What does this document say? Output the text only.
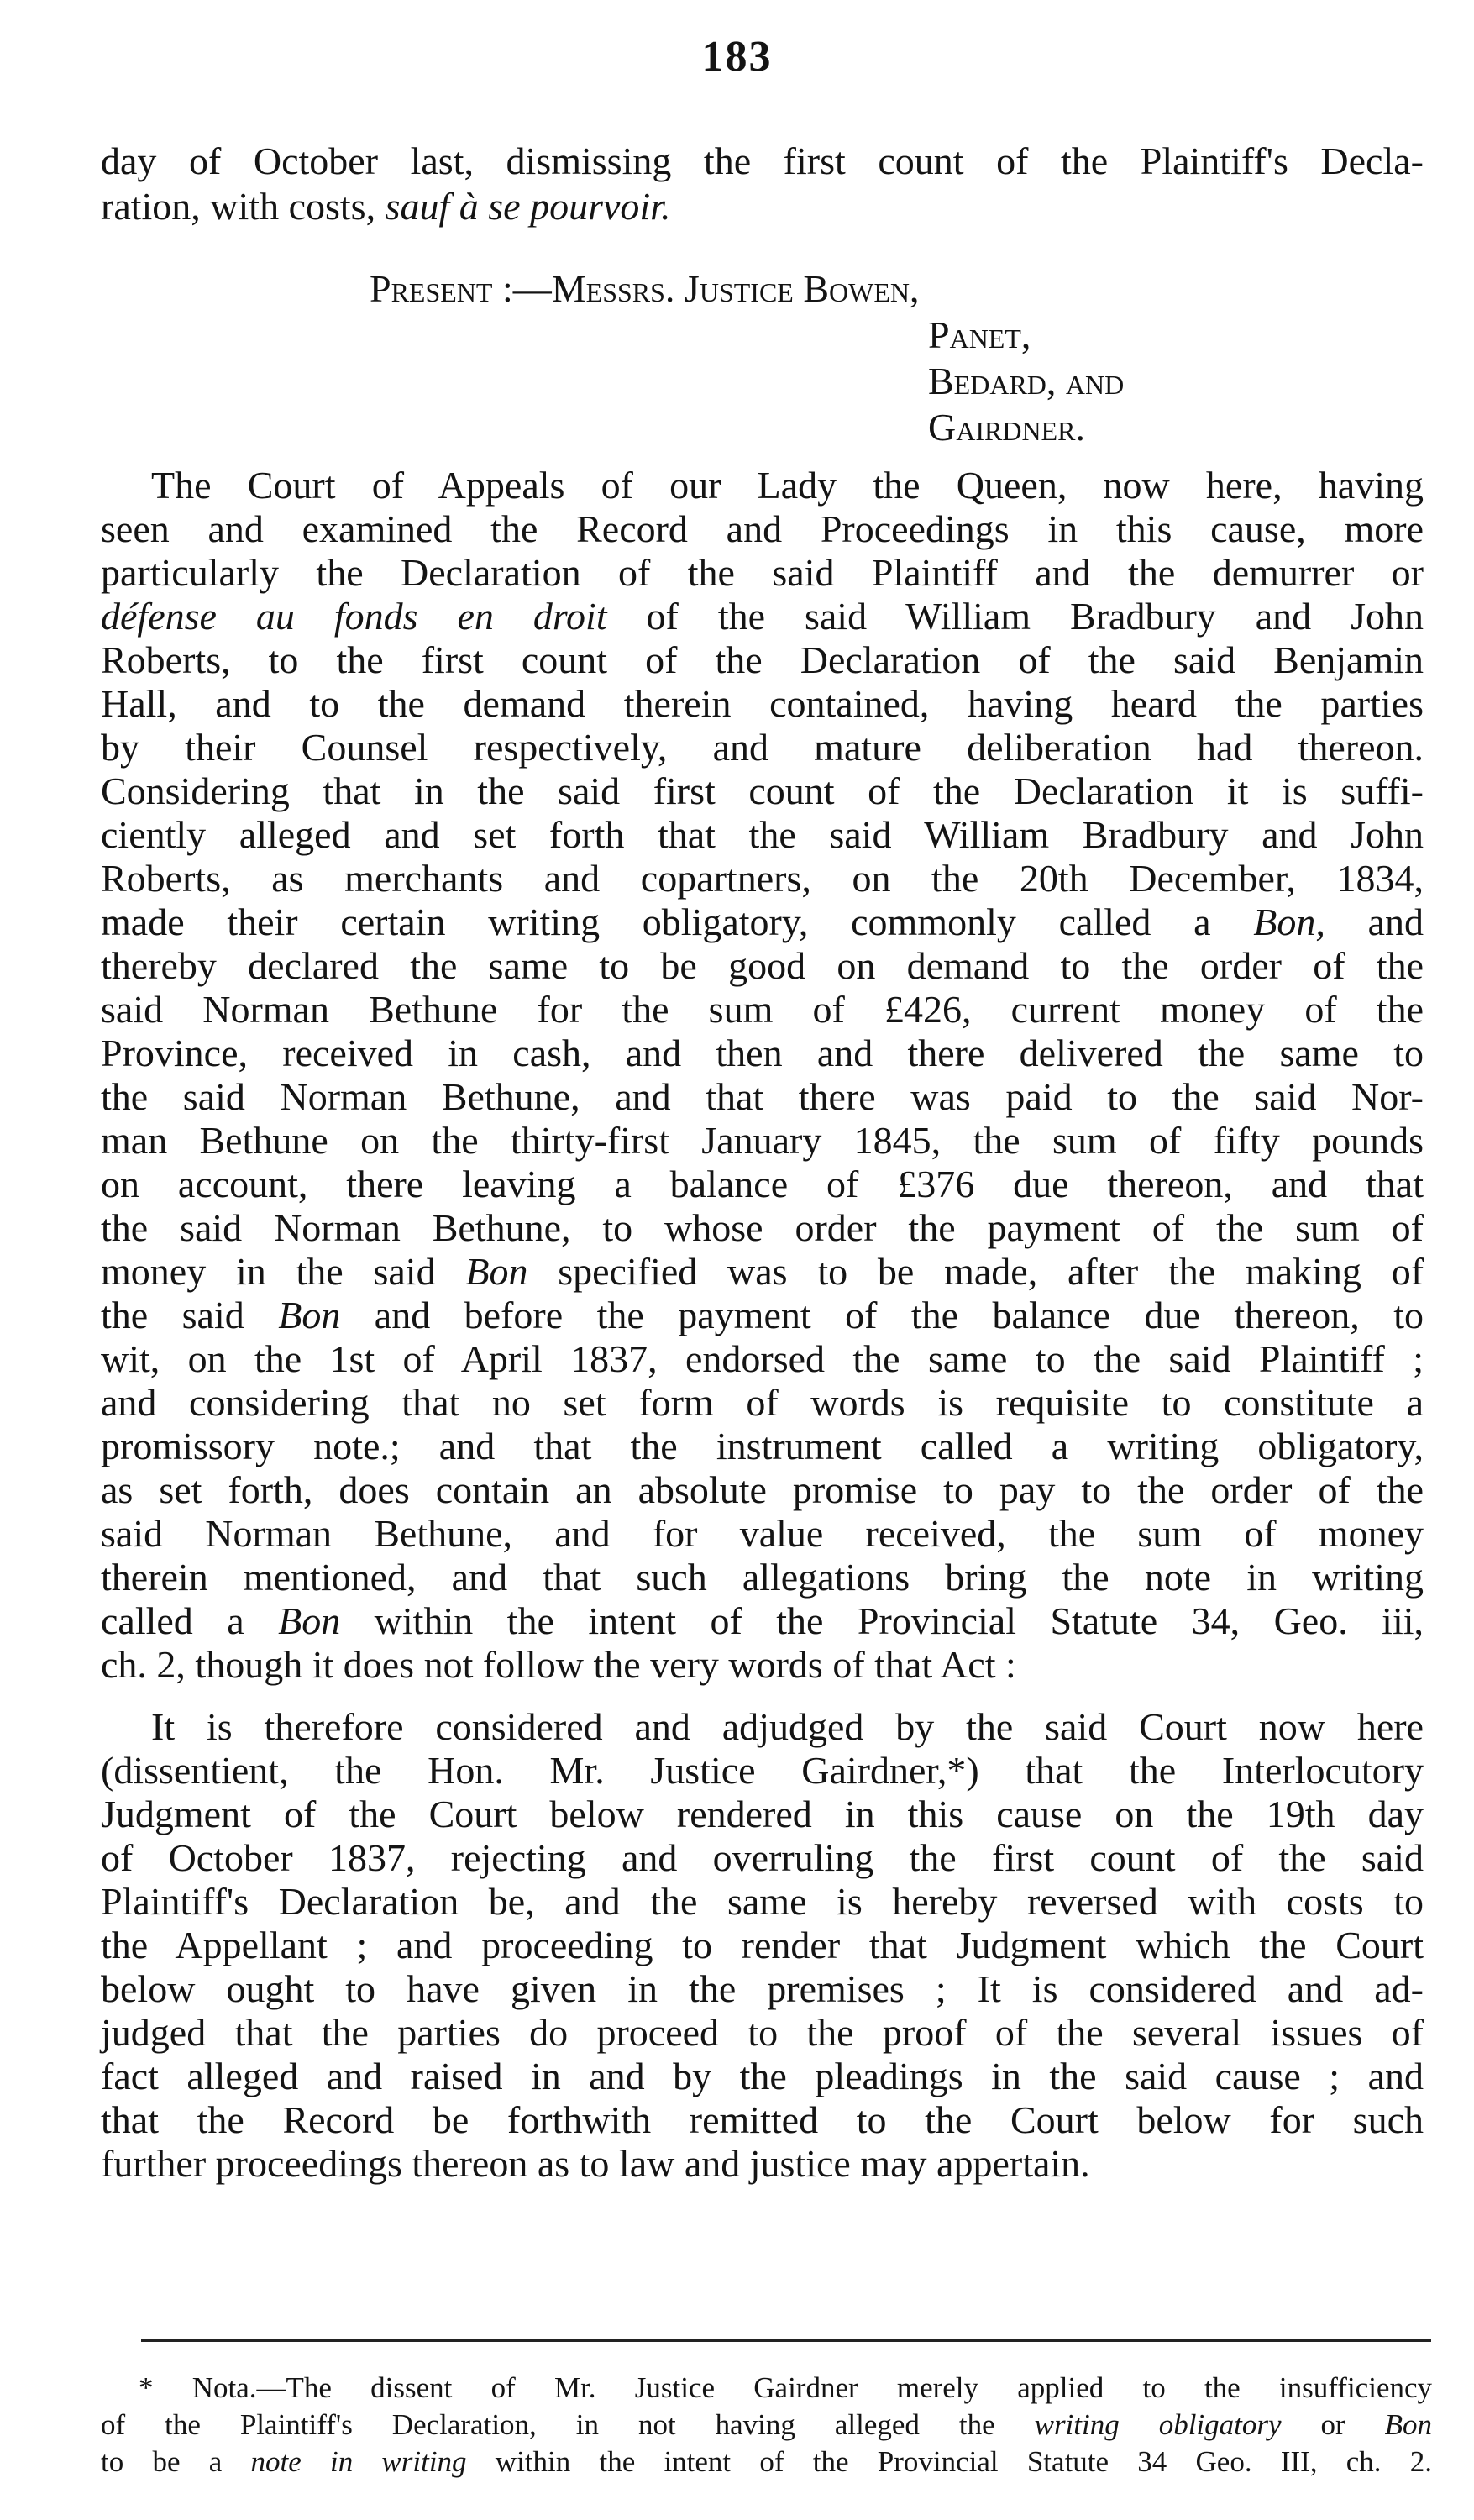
183
day of October last, dismissing the first count of the Plaintiff's Decla-
ration, with costs, sauf à se pourvoir.
Present :—Messrs. Justice Bowen,
Panet,
Bedard, and
Gairdner.
The Court of Appeals of our Lady the Queen, now here, having
seen and examined the Record and Proceedings in this cause, more
particularly the Declaration of the said Plaintiff and the demurrer or
défense au fonds en droit of the said William Bradbury and John
Roberts, to the first count of the Declaration of the said Benjamin
Hall, and to the demand therein contained, having heard the parties
by their Counsel respectively, and mature deliberation had thereon.
Considering that in the said first count of the Declaration it is suffi-
ciently alleged and set forth that the said William Bradbury and John
Roberts, as merchants and copartners, on the 20th December, 1834,
made their certain writing obligatory, commonly called a Bon, and
thereby declared the same to be good on demand to the order of the
said Norman Bethune for the sum of £426, current money of the
Province, received in cash, and then and there delivered the same to
the said Norman Bethune, and that there was paid to the said Nor-
man Bethune on the thirty-first January 1845, the sum of fifty pounds
on account, there leaving a balance of £376 due thereon, and that
the said Norman Bethune, to whose order the payment of the sum of
money in the said Bon specified was to be made, after the making of
the said Bon and before the payment of the balance due thereon, to
wit, on the 1st of April 1837, endorsed the same to the said Plaintiff ;
and considering that no set form of words is requisite to constitute a
promissory note.; and that the instrument called a writing obligatory,
as set forth, does contain an absolute promise to pay to the order of the
said Norman Bethune, and for value received, the sum of money
therein mentioned, and that such allegations bring the note in writing
called a Bon within the intent of the Provincial Statute 34, Geo. iii,
ch. 2, though it does not follow the very words of that Act :
It is therefore considered and adjudged by the said Court now here
(dissentient, the Hon. Mr. Justice Gairdner,*) that the Interlocutory
Judgment of the Court below rendered in this cause on the 19th day
of October 1837, rejecting and overruling the first count of the said
Plaintiff's Declaration be, and the same is hereby reversed with costs to
the Appellant ; and proceeding to render that Judgment which the Court
below ought to have given in the premises ; It is considered and ad-
judged that the parties do proceed to the proof of the several issues of
fact alleged and raised in and by the pleadings in the said cause ; and
that the Record be forthwith remitted to the Court below for such
further proceedings thereon as to law and justice may appertain.
* Nota.—The dissent of Mr. Justice Gairdner merely applied to the insufficiency
of the Plaintiff's Declaration, in not having alleged the writing obligatory or Bon
to be a note in writing within the intent of the Provincial Statute 34 Geo. III, ch. 2.
